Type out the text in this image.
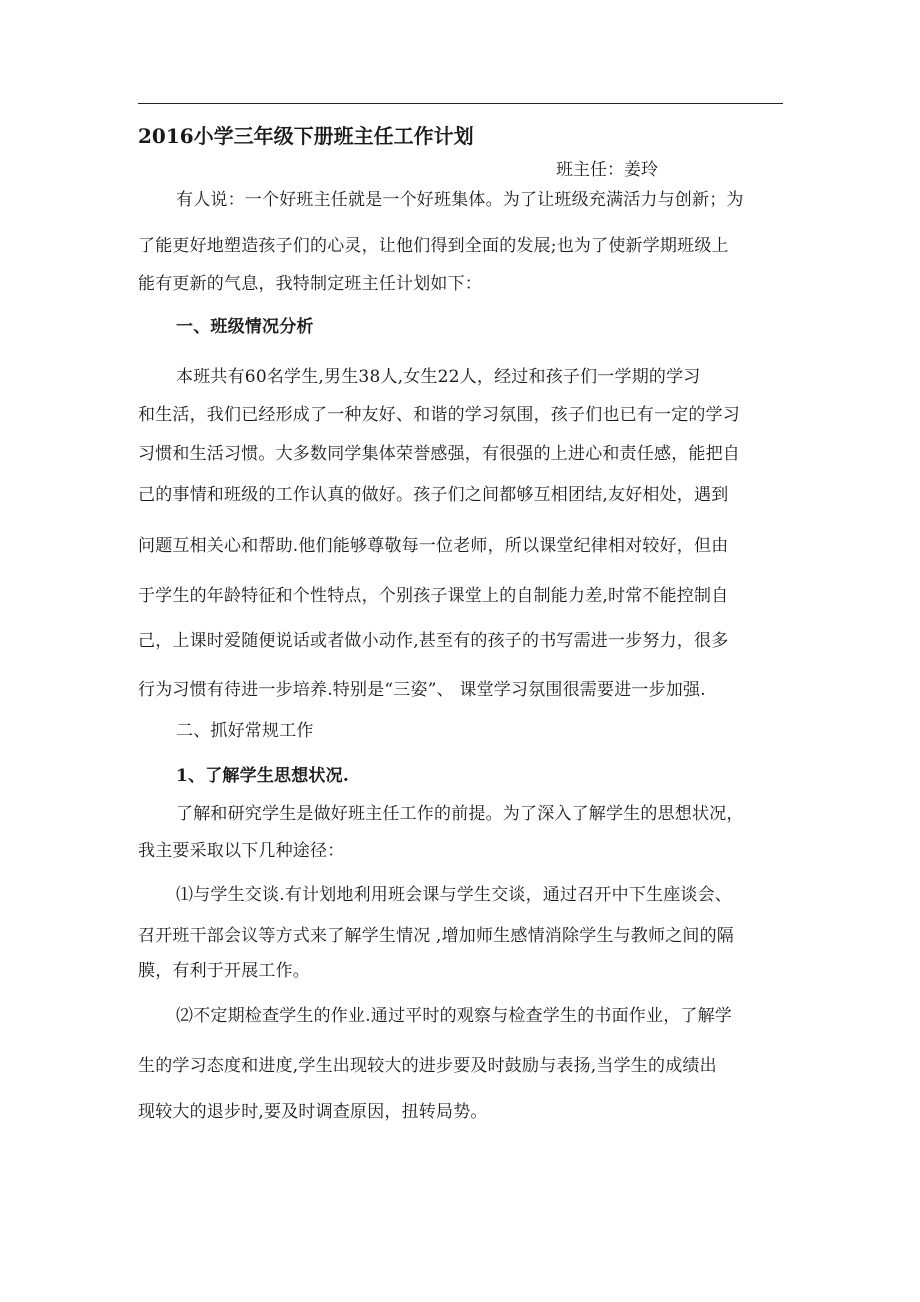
2016小学三年级下册班主任工作计划
班主任：姜玲
有人说：一个好班主任就是一个好班集体。为了让班级充满活力与创新；为
了能更好地塑造孩子们的心灵，让他们得到全面的发展;也为了使新学期班级上
能有更新的气息，我特制定班主任计划如下：
一、班级情况分析
本班共有60名学生,男生38人,女生22人，经过和孩子们一学期的学习
和生活，我们已经形成了一种友好、和谐的学习氛围，孩子们也已有一定的学习
习惯和生活习惯。大多数同学集体荣誉感强，有很强的上进心和责任感，能把自
己的事情和班级的工作认真的做好。孩子们之间都够互相团结,友好相处，遇到
问题互相关心和帮助.他们能够尊敬每一位老师，所以课堂纪律相对较好，但由
于学生的年龄特征和个性特点，个别孩子课堂上的自制能力差,时常不能控制自
己，上课时爱随便说话或者做小动作,甚至有的孩子的书写需进一步努力，很多
行为习惯有待进一步培养.特别是“三姿”、 课堂学习氛围很需要进一步加强.
二、抓好常规工作
1、了解学生思想状况.
了解和研究学生是做好班主任工作的前提。为了深入了解学生的思想状况，
我主要采取以下几种途径：
⑴与学生交谈.有计划地利用班会课与学生交谈，通过召开中下生座谈会、
召开班干部会议等方式来了解学生情况 ,增加师生感情消除学生与教师之间的隔
膜，有利于开展工作。
⑵不定期检查学生的作业.通过平时的观察与检查学生的书面作业，了解学
生的学习态度和进度,学生出现较大的进步要及时鼓励与表扬,当学生的成绩出
现较大的退步时,要及时调查原因，扭转局势。
